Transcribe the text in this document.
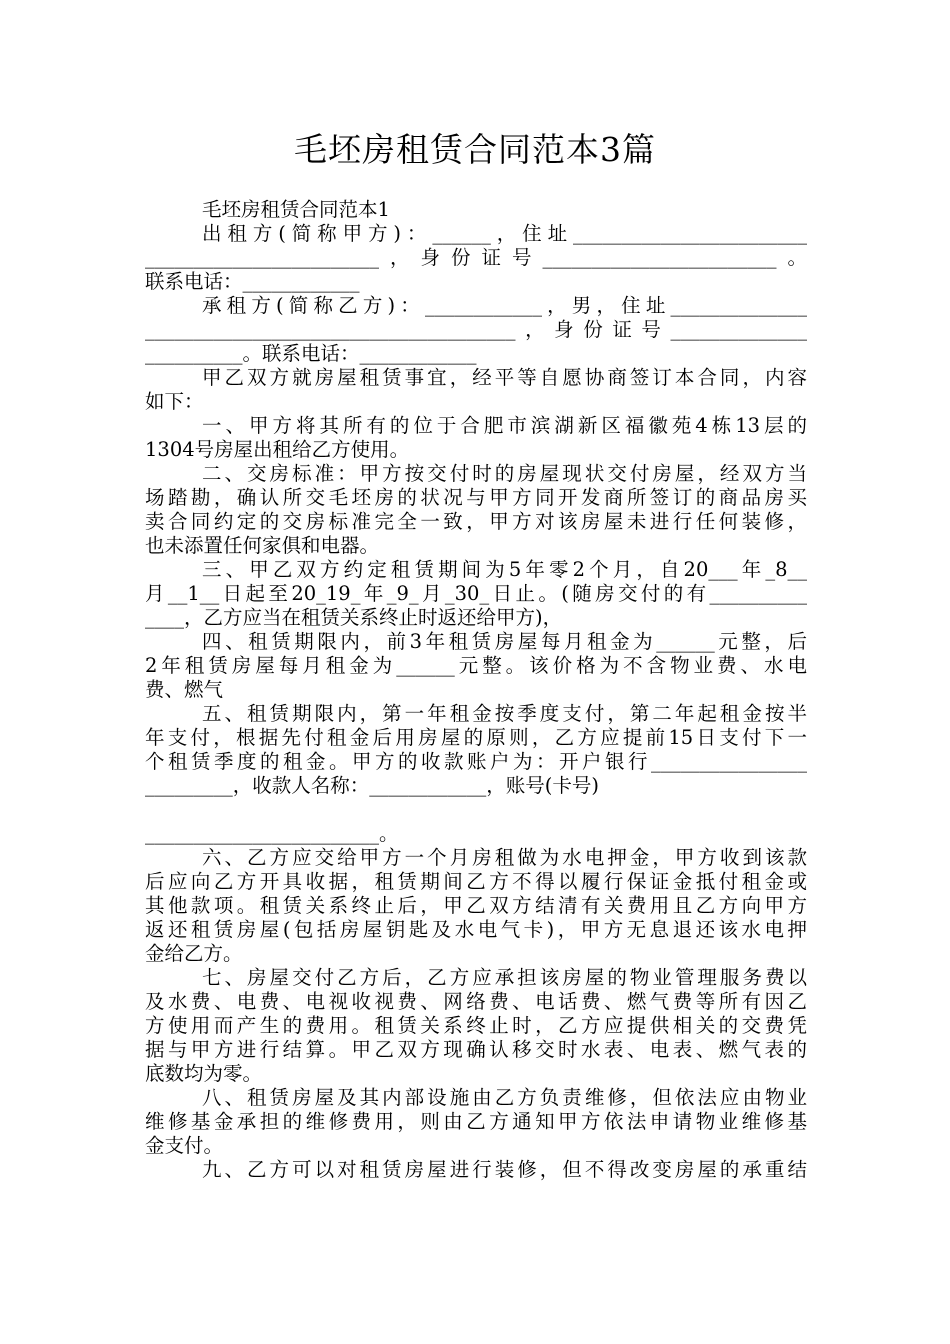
毛坯房租赁合同范本3篇
毛坯房租赁合同范本1
出租方(简称甲方)：______，住址________________________
________________________，身份证号________________________。
联系电话：____________
承租方(简称乙方)：____________，男，住址______________
______________________________________，身份证号______________
__________。联系电话：____________
甲乙双方就房屋租赁事宜，经平等自愿协商签订本合同，内容
如下：
一、甲方将其所有的位于合肥市滨湖新区福徽苑4栋13层的
1304号房屋出租给乙方使用。
二、交房标准：甲方按交付时的房屋现状交付房屋，经双方当
场踏勘，确认所交毛坯房的状况与甲方同开发商所签订的商品房买
卖合同约定的交房标准完全一致，甲方对该房屋未进行任何装修，
也未添置任何家俱和电器。
三、甲乙双方约定租赁期间为5年零2个月，自20___年_8__
月__1__日起至20_19_年_9_月_30_日止。(随房交付的有__________
____，乙方应当在租赁关系终止时返还给甲方)，
四、租赁期限内，前3年租赁房屋每月租金为______元整，后
2年租赁房屋每月租金为______元整。该价格为不含物业费、水电
费、燃气
五、租赁期限内，第一年租金按季度支付，第二年起租金按半
年支付，根据先付租金后用房屋的原则，乙方应提前15日支付下一
个租赁季度的租金。甲方的收款账户为：开户银行________________
_________，收款人名称：____________，账号(卡号)
________________________。
六、乙方应交给甲方一个月房租做为水电押金，甲方收到该款
后应向乙方开具收据，租赁期间乙方不得以履行保证金抵付租金或
其他款项。租赁关系终止后，甲乙双方结清有关费用且乙方向甲方
返还租赁房屋(包括房屋钥匙及水电气卡)，甲方无息退还该水电押
金给乙方。
七、房屋交付乙方后，乙方应承担该房屋的物业管理服务费以
及水费、电费、电视收视费、网络费、电话费、燃气费等所有因乙
方使用而产生的费用。租赁关系终止时，乙方应提供相关的交费凭
据与甲方进行结算。甲乙双方现确认移交时水表、电表、燃气表的
底数均为零。
八、租赁房屋及其内部设施由乙方负责维修，但依法应由物业
维修基金承担的维修费用，则由乙方通知甲方依法申请物业维修基
金支付。
九、乙方可以对租赁房屋进行装修，但不得改变房屋的承重结
